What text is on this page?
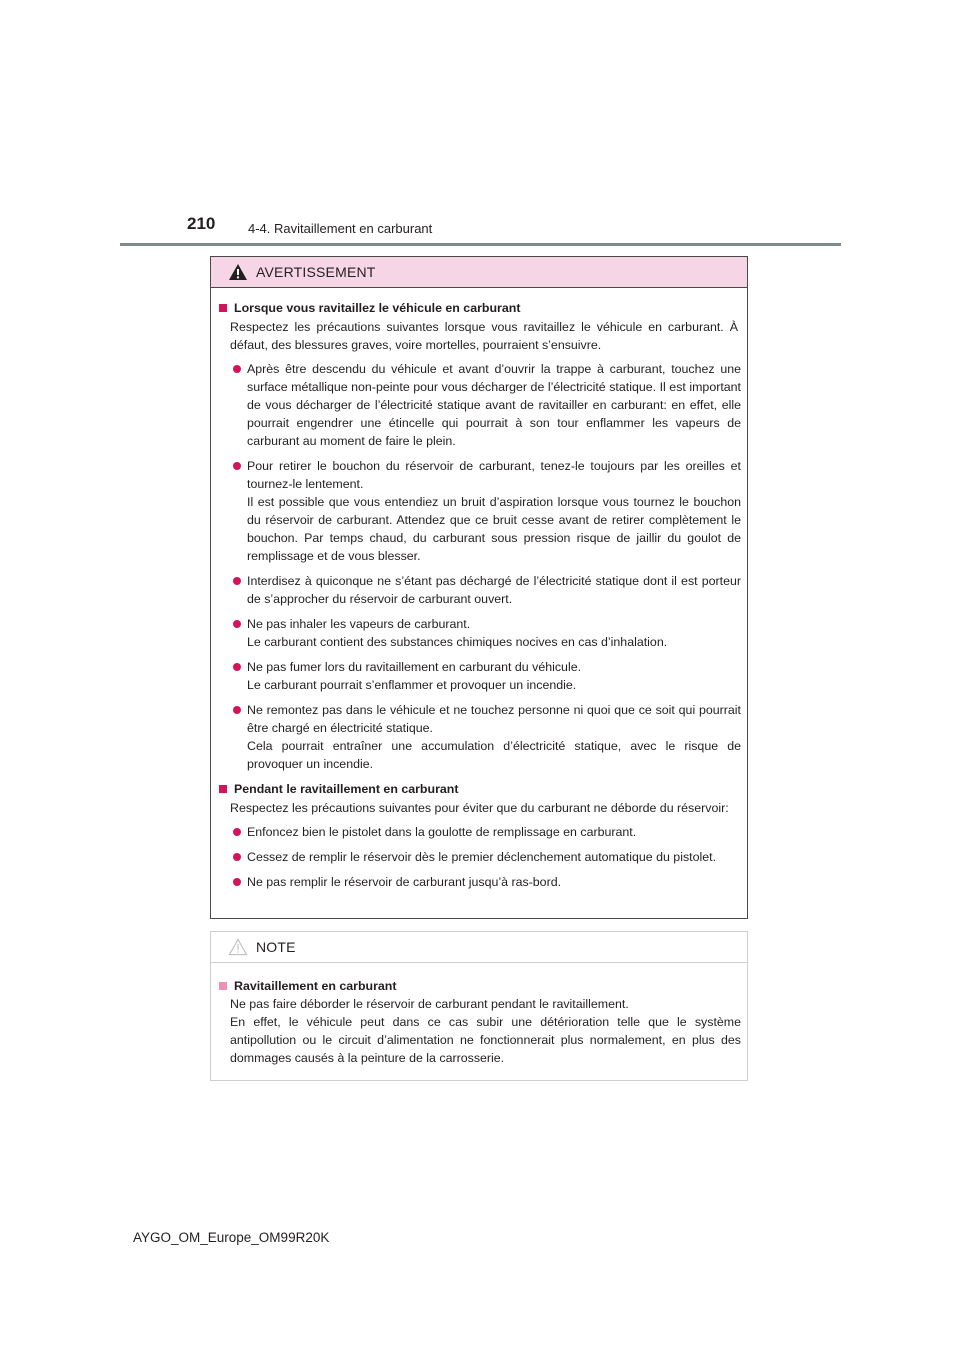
210	4-4. Ravitaillement en carburant
AVERTISSEMENT
Lorsque vous ravitaillez le véhicule en carburant
Respectez les précautions suivantes lorsque vous ravitaillez le véhicule en carburant. À défaut, des blessures graves, voire mortelles, pourraient s’ensuivre.
Après être descendu du véhicule et avant d’ouvrir la trappe à carburant, touchez une surface métallique non-peinte pour vous décharger de l’électricité statique. Il est important de vous décharger de l’électricité statique avant de ravitailler en carburant: en effet, elle pourrait engendrer une étincelle qui pourrait à son tour enflammer les vapeurs de carburant au moment de faire le plein.
Pour retirer le bouchon du réservoir de carburant, tenez-le toujours par les oreilles et tournez-le lentement.
Il est possible que vous entendiez un bruit d’aspiration lorsque vous tournez le bouchon du réservoir de carburant. Attendez que ce bruit cesse avant de retirer complètement le bouchon. Par temps chaud, du carburant sous pression risque de jaillir du goulot de remplissage et de vous blesser.
Interdisez à quiconque ne s’étant pas déchargé de l’électricité statique dont il est porteur de s’approcher du réservoir de carburant ouvert.
Ne pas inhaler les vapeurs de carburant.
Le carburant contient des substances chimiques nocives en cas d’inhalation.
Ne pas fumer lors du ravitaillement en carburant du véhicule.
Le carburant pourrait s’enflammer et provoquer un incendie.
Ne remontez pas dans le véhicule et ne touchez personne ni quoi que ce soit qui pourrait être chargé en électricité statique.
Cela pourrait entraîner une accumulation d’électricité statique, avec le risque de provoquer un incendie.
Pendant le ravitaillement en carburant
Respectez les précautions suivantes pour éviter que du carburant ne déborde du réservoir:
Enfoncez bien le pistolet dans la goulotte de remplissage en carburant.
Cessez de remplir le réservoir dès le premier déclenchement automatique du pistolet.
Ne pas remplir le réservoir de carburant jusqu’à ras-bord.
NOTE
Ravitaillement en carburant
Ne pas faire déborder le réservoir de carburant pendant le ravitaillement.
En effet, le véhicule peut dans ce cas subir une détérioration telle que le système antipollution ou le circuit d’alimentation ne fonctionnerait plus normalement, en plus des dommages causés à la peinture de la carrosserie.
AYGO_OM_Europe_OM99R20K
